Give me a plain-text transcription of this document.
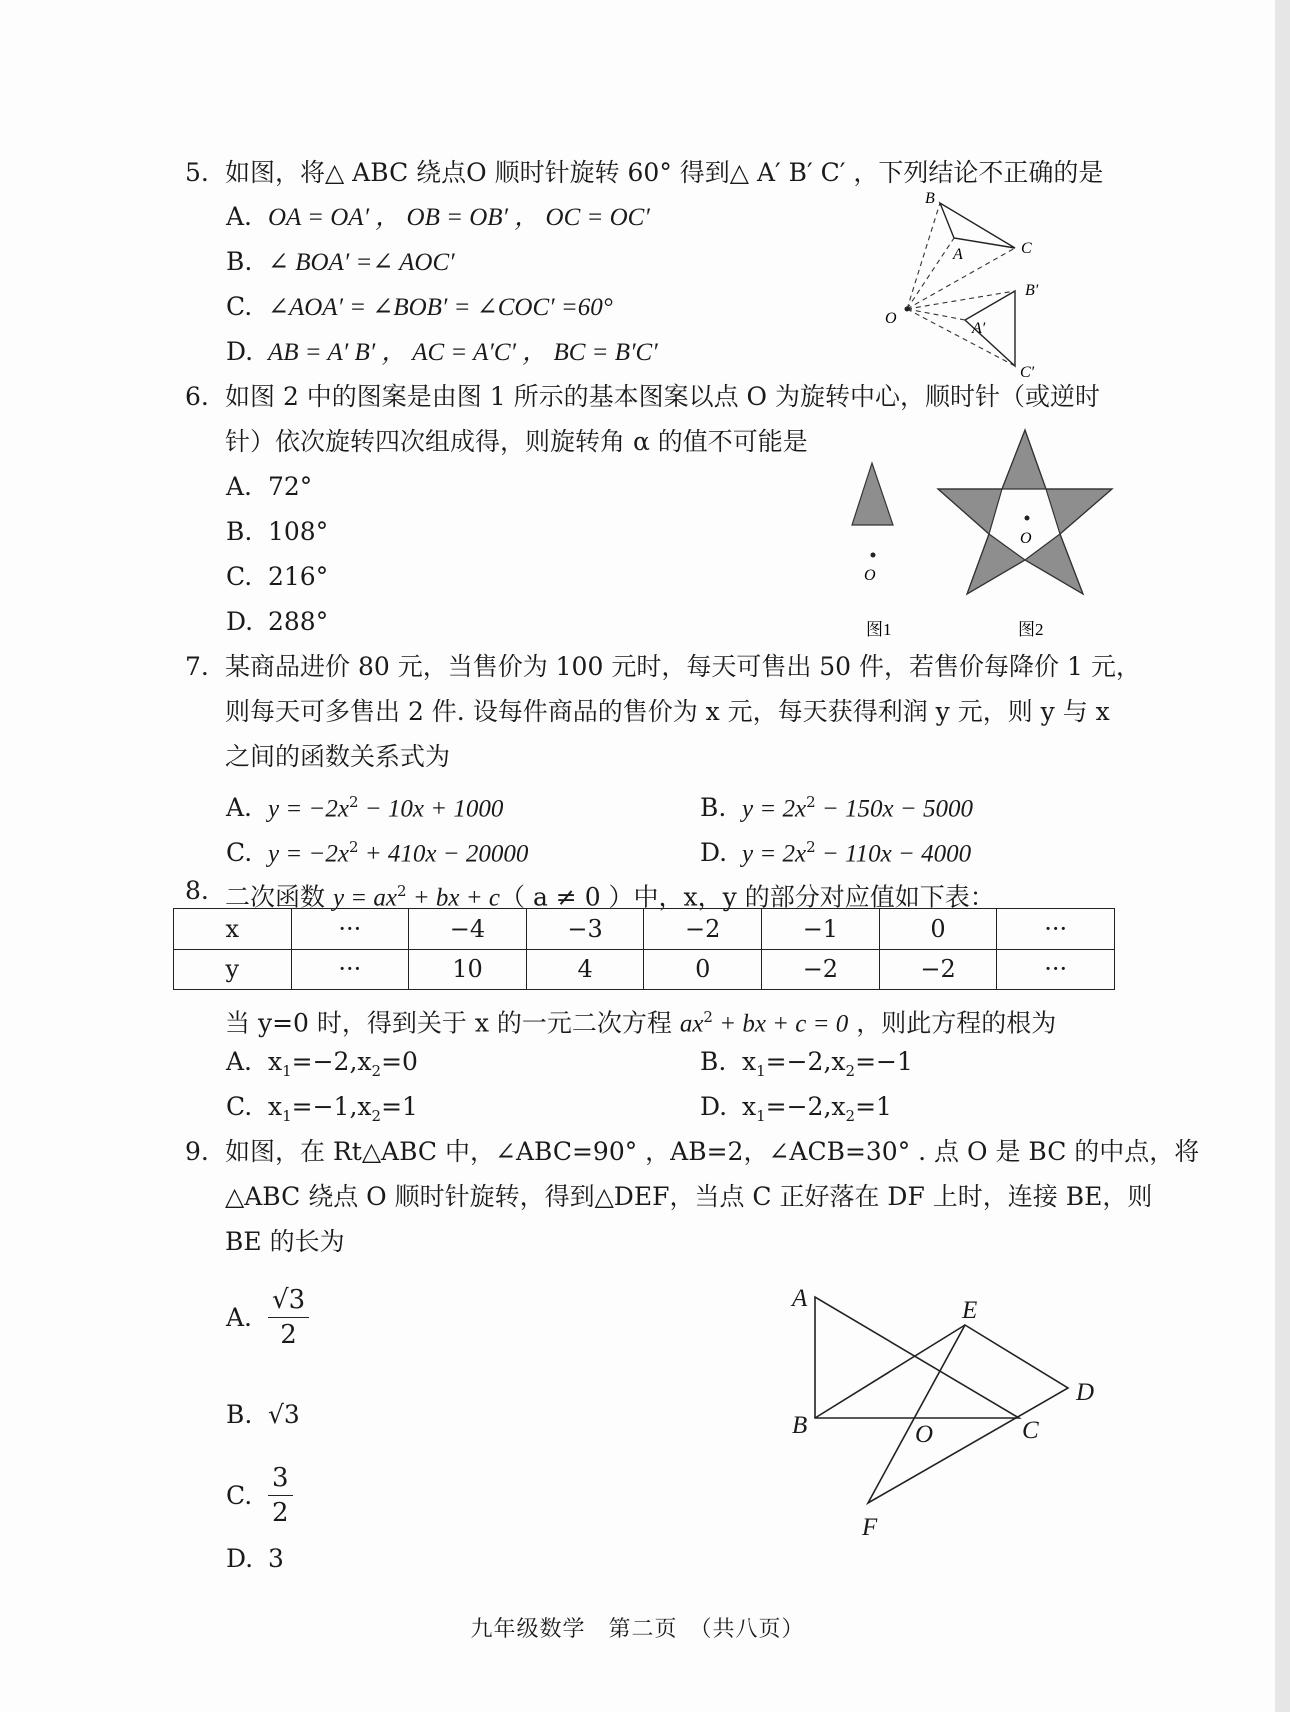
5. 如图，将△ ABC 绕点O 顺时针旋转 60° 得到△ A′ B′ C′ ，下列结论不正确的是
A. OA = OA′ ， OB = OB′ ， OC = OC′
B. ∠ BOA′ =∠ AOC′
C. ∠AOA′ = ∠BOB′ = ∠COC′ =60°
D. AB = A′ B′ ， AC = A′C′ ， BC = B′C′
B
A	C
O
B′
A′
C′
6. 如图 2 中的图案是由图 1 所示的基本图案以点 O 为旋转中心，顺时针（或逆时
针）依次旋转四次组成得，则旋转角 α 的值不可能是
A. 72°
B. 108°
C. 216°
D. 288°
O
图1
O
图2
7. 某商品进价 80 元，当售价为 100 元时，每天可售出 50 件，若售价每降价 1 元，
则每天可多售出 2 件. 设每件商品的售价为 x 元，每天获得利润 y 元，则 y 与 x
之间的函数关系式为
A. $y = -2x^2 - 10x + 1000$	B. $y = 2x^2 - 150x - 5000$
C. $y = -2x^2 + 410x - 20000$	D. $y = 2x^2 - 110x - 4000$
8. 二次函数 $y = ax^2$ + bx + c（ a ≠ 0 ）中，x，y 的部分对应值如下表：
x	···	−4	−3	−2	−1	0	···
y	···	10	4	0	−2	−2	···
当 y=0 时，得到关于 x 的一元二次方程 $ax^2$ + bx + c = 0 ，则此方程的根为
A. $x_1=-2,x_2=0$	B. $x_1=-2,x_2=-1$
C. $x_1=-1,x_2=1$	D. $x_1=-2,x_2=1$
9. 如图，在 Rt△ABC 中，∠ABC=90° ，AB=2，∠ACB=30° . 点 O 是 BC 的中点，将
△ABC 绕点 O 顺时针旋转，得到△DEF，当点 C 正好落在 DF 上时，连接 BE，则
BE 的长为
A. $\frac{√3}{2}$
B. √3
C. $\frac{3}{2}$
D. 3
A	E
D
B	O	C
F
九年级数学　第二页　（共八页）
